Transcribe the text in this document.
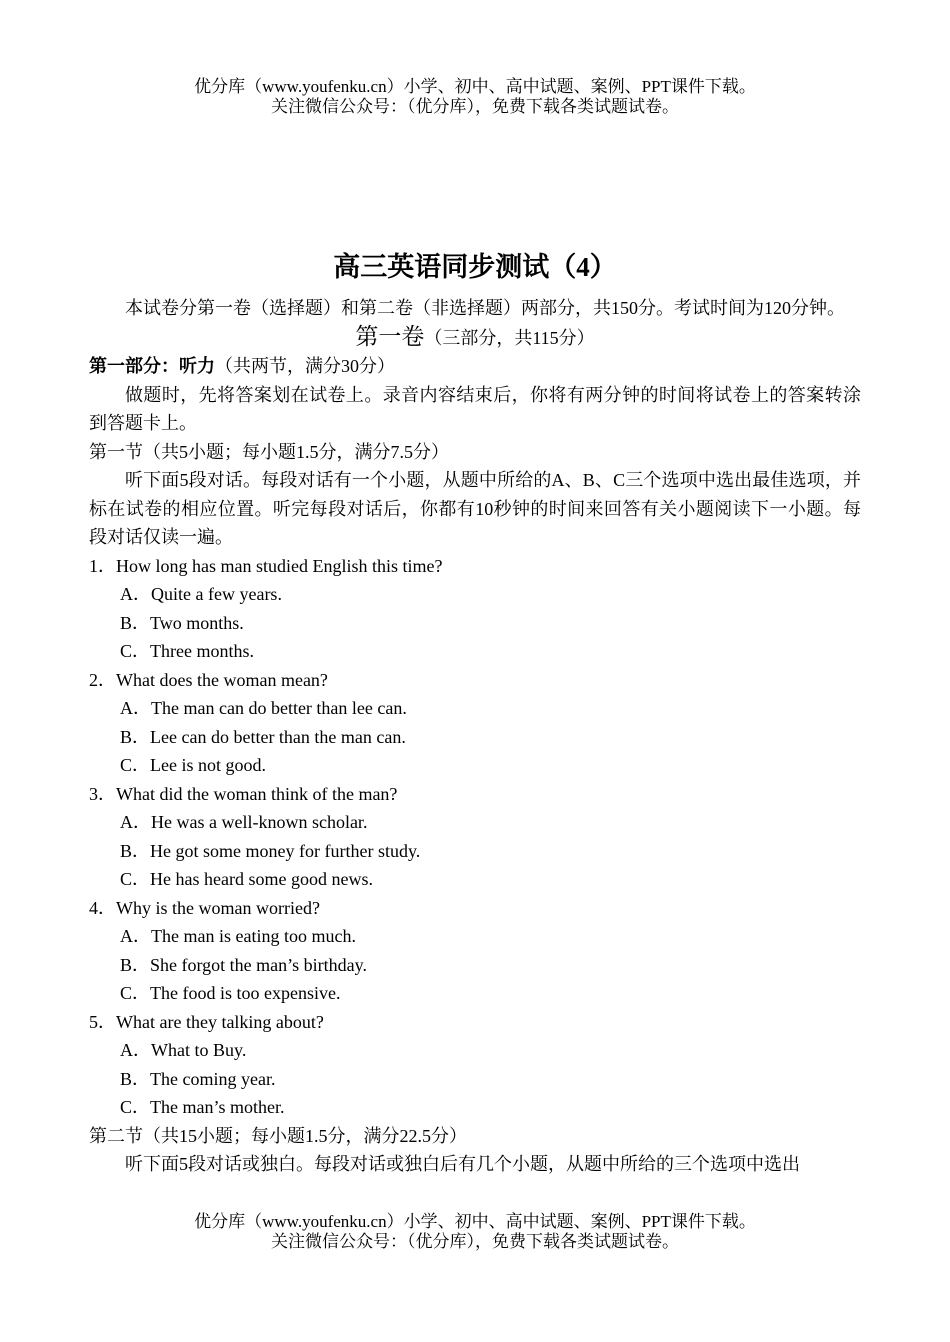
优分库（www.youfenku.cn）小学、初中、高中试题、案例、PPT课件下载。
关注微信公众号：（优分库），免费下载各类试题试卷。
高三英语同步测试（4）

本试卷分第一卷（选择题）和第二卷（非选择题）两部分，共150分。考试时间为120分钟。

第一卷（三部分，共115分）

第一部分：听力（共两节，满分30分）

做题时，先将答案划在试卷上。录音内容结束后，你将有两分钟的时间将试卷上的答案转涂到答题卡上。

第一节（共5小题；每小题1.5分，满分7.5分）

听下面5段对话。每段对话有一个小题，从题中所给的A、B、C三个选项中选出最佳选项，并标在试卷的相应位置。听完每段对话后，你都有10秒钟的时间来回答有关小题阅读下一小题。每段对话仅读一遍。

1．How long has man studied English this time?

A．Quite a few years.

B．Two months.

C．Three months.

2．What does the woman mean?

A．The man can do better than lee can.

B．Lee can do better than the man can.

C．Lee is not good.

3．What did the woman think of the man?

A．He was a well-known scholar.

B．He got some money for further study.

C．He has heard some good news.

4．Why is the woman worried?

A．The man is eating too much.

B．She forgot the man’s birthday.

C．The food is too expensive.

5．What are they talking about?

A．What to Buy.

B．The coming year.

C．The man’s mother.

第二节（共15小题；每小题1.5分，满分22.5分）

听下面5段对话或独白。每段对话或独白后有几个小题，从题中所给的三个选项中选出

优分库（www.youfenku.cn）小学、初中、高中试题、案例、PPT课件下载。
关注微信公众号：（优分库），免费下载各类试题试卷。
